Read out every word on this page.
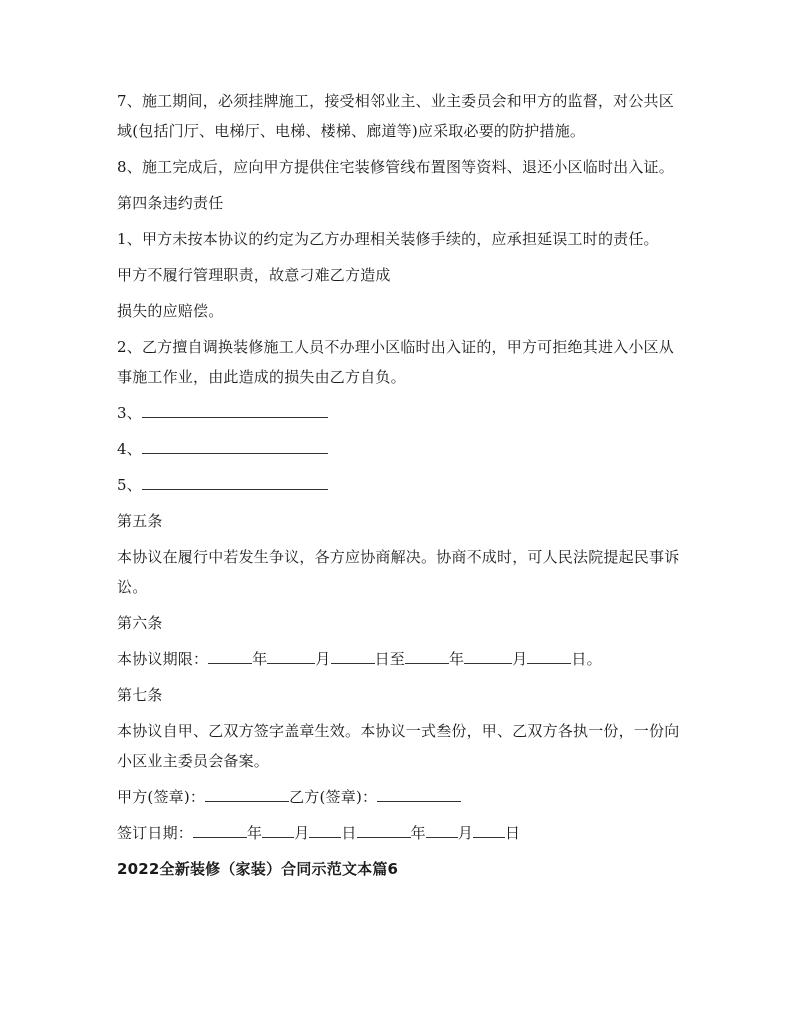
7、施工期间，必须挂牌施工，接受相邻业主、业主委员会和甲方的监督，对公共区域(包括门厅、电梯厅、电梯、楼梯、廊道等)应采取必要的防护措施。

8、施工完成后，应向甲方提供住宅装修管线布置图等资料、退还小区临时出入证。

第四条违约责任

1、甲方未按本协议的约定为乙方办理相关装修手续的，应承担延误工时的责任。

甲方不履行管理职责，故意刁难乙方造成

损失的应赔偿。

2、乙方擅自调换装修施工人员不办理小区临时出入证的，甲方可拒绝其进入小区从事施工作业，由此造成的损失由乙方自负。

3、

4、

5、

第五条

本协议在履行中若发生争议，各方应协商解决。协商不成时，可人民法院提起民事诉讼。

第六条

本协议期限：	年	月	日至	年	月	日。

第七条

本协议自甲、乙双方签字盖章生效。本协议一式叁份，甲、乙双方各执一份，一份向小区业主委员会备案。

甲方(签章)：	乙方(签章)：

签订日期：	年 月 日	年 月 日

2022全新装修（家装）合同示范文本篇6
